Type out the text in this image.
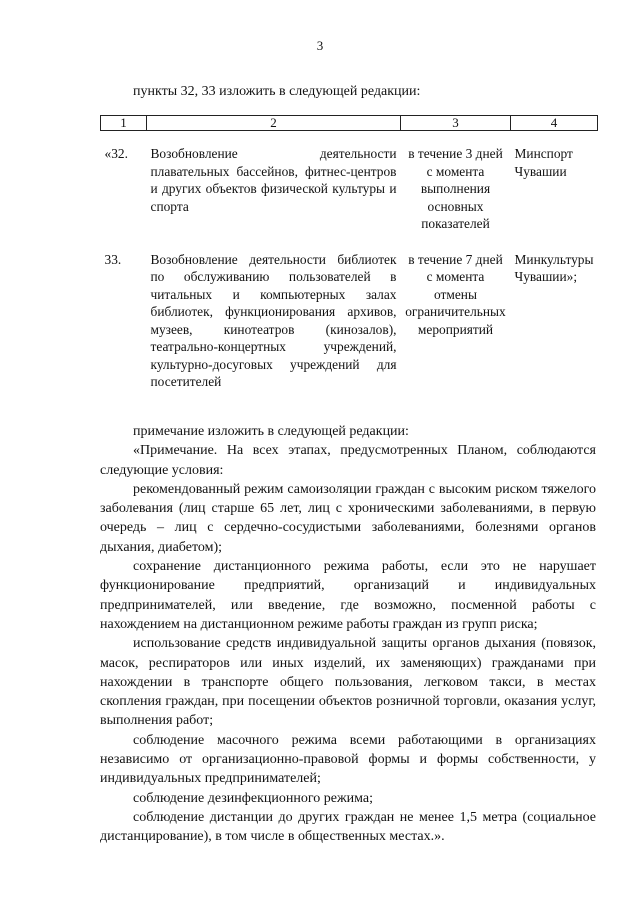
3
пункты 32, 33 изложить в следующей редакции:
1	2	3	4
«32.	Возобновление деятельности плавательных бассейнов, фитнес-центров и других объектов физической культуры и спорта	в течение 3 дней с момента выполнения основных показателей	Минспорт Чувашии
33.	Возобновление деятельности библиотек по обслуживанию пользователей в читальных и компьютерных залах библиотек, функционирования архивов, музеев, кинотеатров (кинозалов), театрально-концертных учреждений, культурно-досуговых учреждений для посетителей	в течение 7 дней с момента отмены ограничительных мероприятий	Минкультуры Чувашии»;

примечание изложить в следующей редакции:

«Примечание. На всех этапах, предусмотренных Планом, соблюдаются следующие условия:

рекомендованный режим самоизоляции граждан с высоким риском тяжелого заболевания (лиц старше 65 лет, лиц с хроническими заболеваниями, в первую очередь – лиц с сердечно-сосудистыми заболеваниями, болезнями органов дыхания, диабетом);

сохранение дистанционного режима работы, если это не нарушает функционирование предприятий, организаций и индивидуальных предпринимателей, или введение, где возможно, посменной работы с нахождением на дистанционном режиме работы граждан из групп риска;

использование средств индивидуальной защиты органов дыхания (повязок, масок, респираторов или иных изделий, их заменяющих) гражданами при нахождении в транспорте общего пользования, легковом такси, в местах скопления граждан, при посещении объектов розничной торговли, оказания услуг, выполнения работ;

соблюдение масочного режима всеми работающими в организациях независимо от организационно-правовой формы и формы собственности, у индивидуальных предпринимателей;

соблюдение дезинфекционного режима;

соблюдение дистанции до других граждан не менее 1,5 метра (социальное дистанцирование), в том числе в общественных местах.».
